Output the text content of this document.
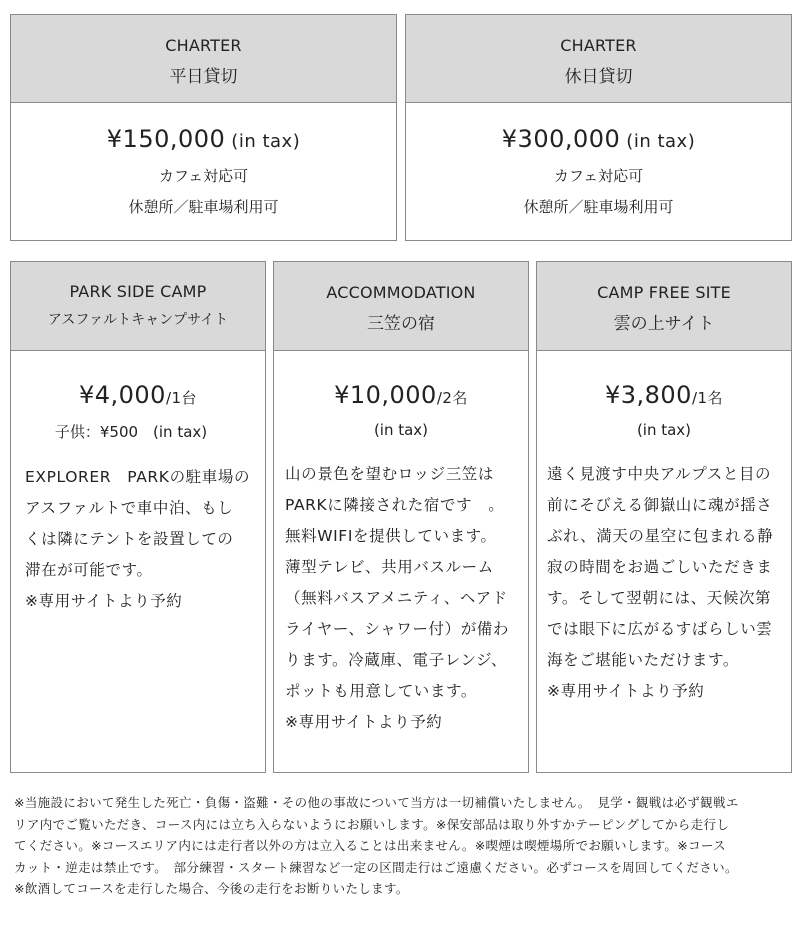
CHARTER
平日貸切
¥150,000 (in tax)
カフェ対応可
休憩所／駐車場利用可
CHARTER
休日貸切
¥300,000 (in tax)
カフェ対応可
休憩所／駐車場利用可
PARK SIDE CAMP
アスファルトキャンプサイト
¥4,000/1台
子供：¥500　(in tax)

EXPLORER　PARKの駐車場の

アスファルトで車中泊、もし

くは隣にテントを設置しての

滞在が可能です。

※専用サイトより予約

ACCOMMODATION
三笠の宿
¥10,000/2名
(in tax)

山の景色を望むロッジ三笠は

PARKに隣接された宿です　。

無料WIFIを提供しています。

薄型テレビ、共用バスルーム

（無料バスアメニティ、ヘアド

ライヤー、シャワー付）が備わ

ります。冷蔵庫、電子レンジ、

ポットも用意しています。

※専用サイトより予約

CAMP FREE SITE
雲の上サイト
¥3,800/1名
(in tax)

遠く見渡す中央アルプスと目の

前にそびえる御嶽山に魂が揺さ

ぶれ、満天の星空に包まれる静

寂の時間をお過ごしいただきま

す。そして翌朝には、天候次第

では眼下に広がるすばらしい雲

海をご堪能いただけます。

※専用サイトより予約

※当施設において発生した死亡・負傷・盗難・その他の事故について当方は一切補償いたしません。　見学・観戦は必ず観戦エ
リア内でご覧いただき、コース内には立ち入らないようにお願いします。※保安部品は取り外すかテーピングしてから走行し
てください。※コースエリア内には走行者以外の方は立入ることは出来ません。※喫煙は喫煙場所でお願いします。※コース
カット・逆走は禁止です。　部分練習・スタート練習など一定の区間走行はご遠慮ください。必ずコースを周回してください。
※飲酒してコースを走行した場合、今後の走行をお断りいたします。
